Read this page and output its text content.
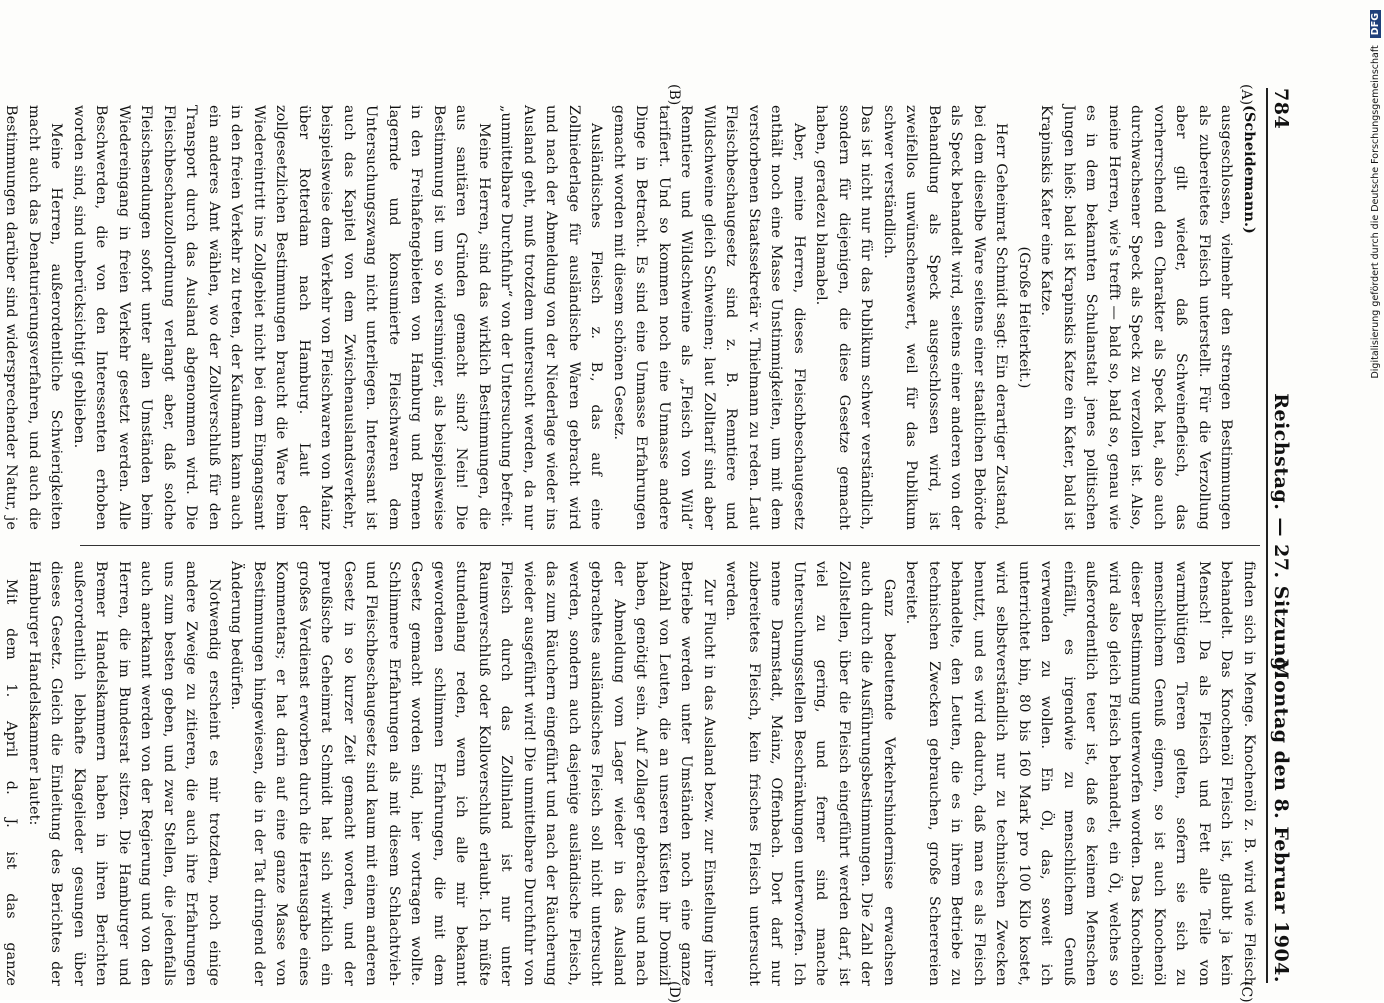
784
Reichstag. — 27. Sitzung.
Montag den 8. Februar 1904.
(A)
(B)
(C)
(D)

(Scheidemann.)

ausgeschlossen, vielmehr den strengen Bestimmungen als zubereitetes Fleisch unterstellt. Für die Verzollung aber gilt wieder, daß Schweinefleisch, das vorherrschend den Charakter als Speck hat, also auch durchwachsener Speck als Speck zu verzollen ist. Also, meine Herren, wie's trefft — bald so, bald so, genau wie es in dem bekannten Schulanstalt jenes politischen Jungen hieß: bald ist Krapinskis Katze ein Kater, bald ist Krapinskis Kater eine Katze.

(Große Heiterkeit.)

Herr Geheimrat Schmidt sagt: Ein derartiger Zustand, bei dem dieselbe Ware seitens einer staatlichen Behörde als Speck behandelt wird, seitens einer anderen von der Behandlung als Speck ausgeschlossen wird, ist zweifellos unwünschenswert, weil für das Publikum schwer verständlich.

Das ist nicht nur für das Publikum schwer verständlich, sondern für diejenigen, die diese Gesetze gemacht haben, geradezu blamabel.

Aber, meine Herren, dieses Fleischbeschaugesetz enthält noch eine Masse Unstimmigkeiten, um mit dem verstorbenen Staatssekretär v. Thielmann zu reden. Laut Fleischbeschaugesetz sind z. B. Renntiere und Wildschweine gleich Schweinen; laut Zolltarif sind aber Renntiere und Wildschweine als „Fleisch von Wild“ tarifiert. Und so kommen noch eine Unmasse andere Dinge in Betracht. Es sind eine Unmasse Erfahrungen gemacht worden mit diesem schönen Gesetz.

Ausländisches Fleisch z. B., das auf eine Zollniederlage für ausländische Waren gebracht wird und nach der Abmeldung von der Niederlage wieder ins Ausland geht, muß trotzdem untersucht werden, da nur „unmittelbare Durchfuhr“ von der Untersuchung befreit.

Meine Herren, sind das wirklich Bestimmungen, die aus sanitären Gründen gemacht sind? Nein! Die Bestimmung ist um so widersinniger, als beispielsweise in den Freihafengebieten von Hamburg und Bremen lagernde und konsumierte Fleischwaren dem Untersuchungszwang nicht unterliegen. Interessant ist auch das Kapitel von dem Zwischenauslandsverkehr, beispielsweise dem Verkehr von Fleischwaren von Mainz über Rotterdam nach Hamburg. Laut der zollgesetzlichen Bestimmungen braucht die Ware beim Wiedereintritt ins Zollgebiet nicht bei dem Eingangsamt in den freien Verkehr zu treten, der Kaufmann kann auch ein anderes Amt wählen, wo der Zollverschluß für den Transport durch das Ausland abgenommen wird. Die Fleischbeschauzollordnung verlangt aber, daß solche Fleischsendungen sofort unter allen Umständen beim Wiedereingang in freien Verkehr gesetzt werden. Alle Beschwerden, die von den Interessenten erhoben worden sind, sind unberücksichtigt geblieben.

Meine Herren, außerordentliche Schwierigkeiten macht auch das Denaturierungsverfahren, und auch die Bestimmungen darüber sind widersprechender Natur, je

finden sich in Menge. Knochenöl z. B. wird wie Fleisch behandelt. Das Knochenöl Fleisch ist, glaubt ja kein Mensch! Da als Fleisch und Fett alle Teile von warmblütigen Tieren gelten, sofern sie sich zu menschlichem Genuß eignen, so ist auch Knochenöl dieser Bestimmung unterworfen worden. Das Knochenöl wird also gleich Fleisch behandelt, ein Öl, welches so außerordentlich teuer ist, daß es keinem Menschen einfällt, es irgendwie zu menschlichem Genuß verwenden zu wollen. Ein Öl, das, soweit ich unterrichtet bin, 80 bis 160 Mark pro 100 Kilo kostet, wird selbstverständlich nur zu technischen Zwecken benutzt, und es wird dadurch, daß man es als Fleisch behandelte, den Leuten, die es in ihrem Betriebe zu technischen Zwecken gebrauchen, große Scherereien bereitet.

Ganz bedeutende Verkehrshindernisse erwachsen auch durch die Ausführungsbestimmungen. Die Zahl der Zollstellen, über die Fleisch eingeführt werden darf, ist viel zu gering, und ferner sind manche Untersuchungsstellen Beschränkungen unterworfen. Ich nenne Darmstadt, Mainz, Offenbach. Dort darf nur zubereitetes Fleisch, kein frisches Fleisch untersucht werden.

Zur Flucht in das Ausland bezw. zur Einstellung ihrer Betriebe werden unter Umständen noch eine ganze Anzahl von Leuten, die an unseren Küsten ihr Domizil haben, genötigt sein. Auf Zollager gebrachtes und nach der Abmeldung vom Lager wieder in das Ausland gebrachtes ausländisches Fleisch soll nicht untersucht werden, sondern auch dasjenige ausländische Fleisch, das zum Räuchern eingeführt und nach der Räucherung wieder ausgeführt wird! Die unmittelbare Durchfuhr von Fleisch durch das Zollinland ist nur unter Raumverschluß oder Kolloverschluß erlaubt. Ich müßte stundenlang reden, wenn ich alle mir bekannt gewordenen schlimmen Erfahrungen, die mit dem Gesetz gemacht worden sind, hier vortragen wollte. Schlimmere Erfahrungen als mit diesem Schlachtvieh- und Fleischbeschaugesetz sind kaum mit einem anderen Gesetz in so kurzer Zeit gemacht worden, und der preußische Geheimrat Schmidt hat sich wirklich ein großes Verdienst erworben durch die Herausgabe eines Kommentars; er hat darin auf eine ganze Masse von Bestimmungen hingewiesen, die in der Tat dringend der Änderung bedürfen.

Notwendig erscheint es mir trotzdem, noch einige andere Zweige zu zitieren, die auch ihre Erfahrungen uns zum besten geben, und zwar Stellen, die jedenfalls auch anerkannt werden von der Regierung und von den Herren, die im Bundesrat sitzen. Die Hamburger und Bremer Handelskammern haben in ihren Berichten außerordentlich lebhafte Klagelieder gesungen über dieses Gesetz. Gleich die Einleitung des Berichtes der Hamburger Handelskammer lautet:

Mit dem 1. April d. J. ist das ganze

Digitalisierung gefördert durch die Deutsche Forschungsgemeinschaft DFG
